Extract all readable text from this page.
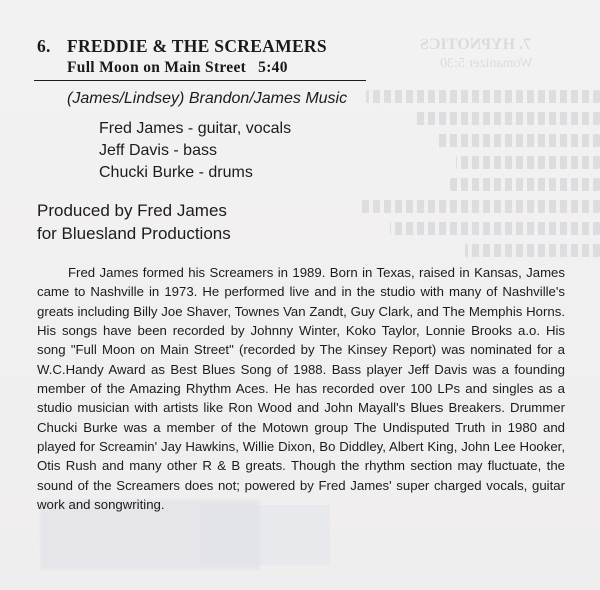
7. HYPNOTICS
Womanizer 5:30
6. FREDDIE & THE SCREAMERS
Full Moon on Main Street 5:40
(James/Lindsey) Brandon/James Music
Fred James - guitar, vocals
Jeff Davis - bass
Chucki Burke - drums
Produced by Fred James
for Bluesland Productions

Fred James formed his Screamers in 1989. Born in Texas, raised in Kansas, James came to Nashville in 1973. He performed live and in the studio with many of Nashville's greats including Billy Joe Shaver, Townes Van Zandt, Guy Clark, and The Memphis Horns. His songs have been recorded by Johnny Winter, Koko Taylor, Lonnie Brooks a.o. His song "Full Moon on Main Street" (recorded by The Kinsey Report) was nominated for a W.C.Handy Award as Best Blues Song of 1988. Bass player Jeff Davis was a founding member of the Amazing Rhythm Aces. He has recorded over 100 LPs and singles as a studio musician with artists like Ron Wood and John Mayall's Blues Breakers. Drummer Chucki Burke was a member of the Motown group The Undisputed Truth in 1980 and played for Screamin' Jay Hawkins, Willie Dixon, Bo Diddley, Albert King, John Lee Hooker, Otis Rush and many other R & B greats. Though the rhythm section may fluctuate, the sound of the Screamers does not; powered by Fred James' super charged vocals, guitar work and songwriting.
